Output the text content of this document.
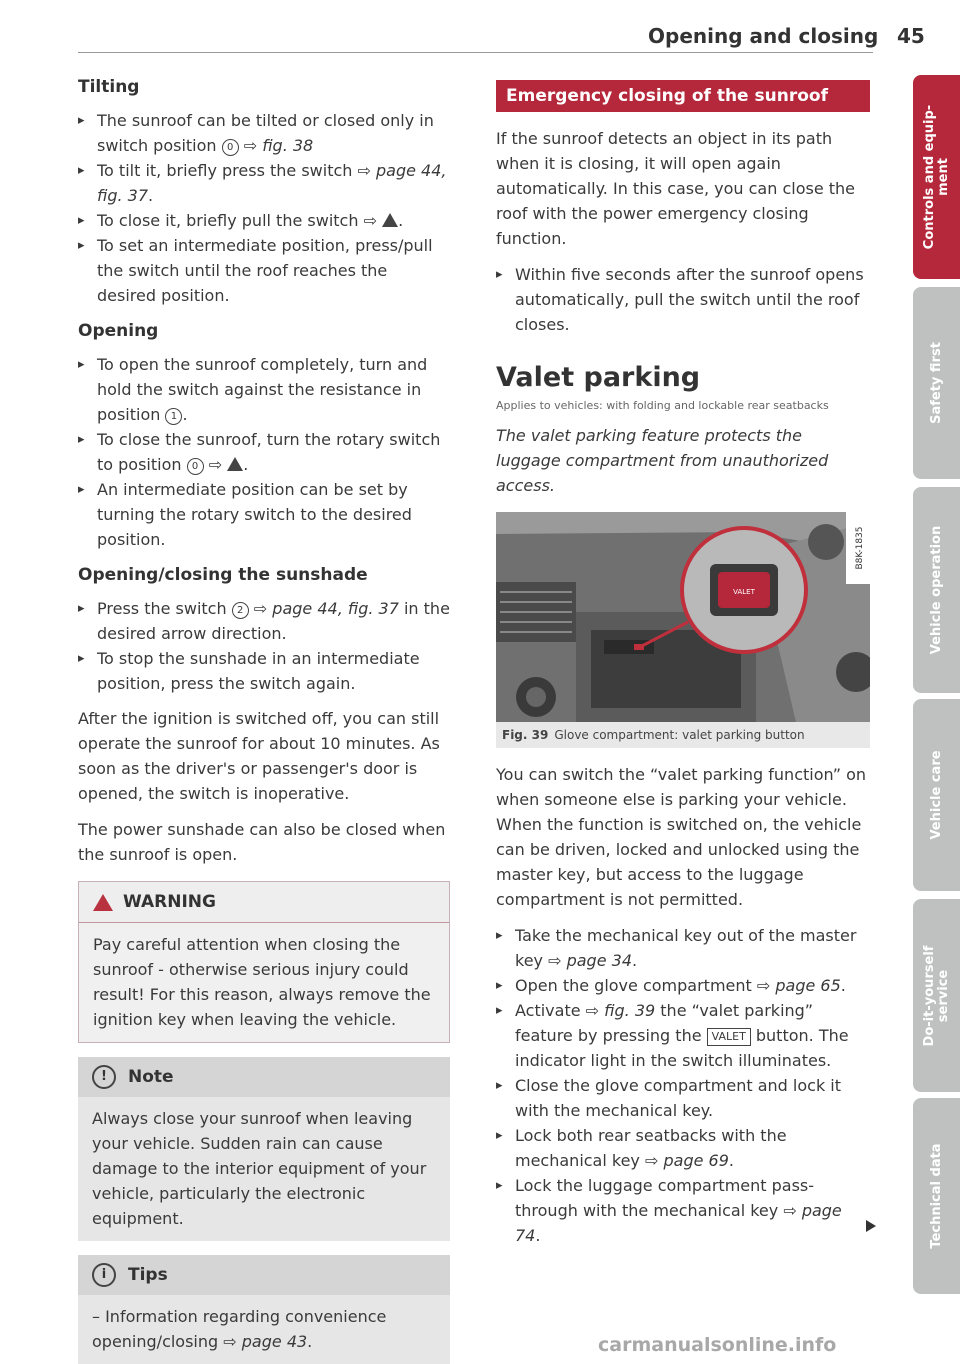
Opening and closing 45
Tilting
▸ The sunroof can be tilted or closed only in switch position 0 ⇨ fig. 38
▸ To tilt it, briefly press the switch ⇨ page 44, fig. 37.
▸ To close it, briefly pull the switch ⇨ .
▸ To set an intermediate position, press/pull the switch until the roof reaches the desired position.
Opening
▸ To open the sunroof completely, turn and hold the switch against the resistance in position 1 .
▸ To close the sunroof, turn the rotary switch to position 0 ⇨ .
▸ An intermediate position can be set by turning the rotary switch to the desired position.
Opening/closing the sunshade
▸ Press the switch 2 ⇨ page 44, fig. 37 in the desired arrow direction.
▸ To stop the sunshade in an intermediate position, press the switch again.

After the ignition is switched off, you can still operate the sunroof for about 10 minutes. As soon as the driver's or passenger's door is opened, the switch is inoperative.

The power sunshade can also be closed when the sunroof is open.

WARNING
Pay careful attention when closing the sunroof - otherwise serious injury could result! For this reason, always remove the ignition key when leaving the vehicle.
!	Note
Always close your sunroof when leaving your vehicle. Sudden rain can cause damage to the interior equipment of your vehicle, particularly the electronic equipment.
i	Tips
– Information regarding convenience opening/closing ⇨ page 43.
Emergency closing of the sunroof

If the sunroof detects an object in its path when it is closing, it will open again automatically. In this case, you can close the roof with the power emergency closing function.

▸ Within five seconds after the sunroof opens automatically, pull the switch until the roof closes.
Valet parking
Applies to vehicles: with folding and lockable rear seatbacks
The valet parking feature protects the luggage compartment from unauthorized access.
VALET
B8K-1835
Fig. 39 Glove compartment: valet parking button

You can switch the “valet parking function” on when someone else is parking your vehicle. When the function is switched on, the vehicle can be driven, locked and unlocked using the master key, but access to the luggage compartment is not permitted.

▸ Take the mechanical key out of the master key ⇨ page 34.
▸ Open the glove compartment ⇨ page 65.
▸ Activate ⇨ fig. 39 the “valet parking” feature by pressing the VALET button. The indicator light in the switch illuminates.
▸ Close the glove compartment and lock it with the mechanical key.
▸ Lock both rear seatbacks with the mechanical key ⇨ page 69.
▸ Lock the luggage compartment pass-through with the mechanical key ⇨ page 74.
Controls and equip-
ment
Safety first
Vehicle operation
Vehicle care
Do-it-yourself
service
Technical data
carmanualsonline.info
